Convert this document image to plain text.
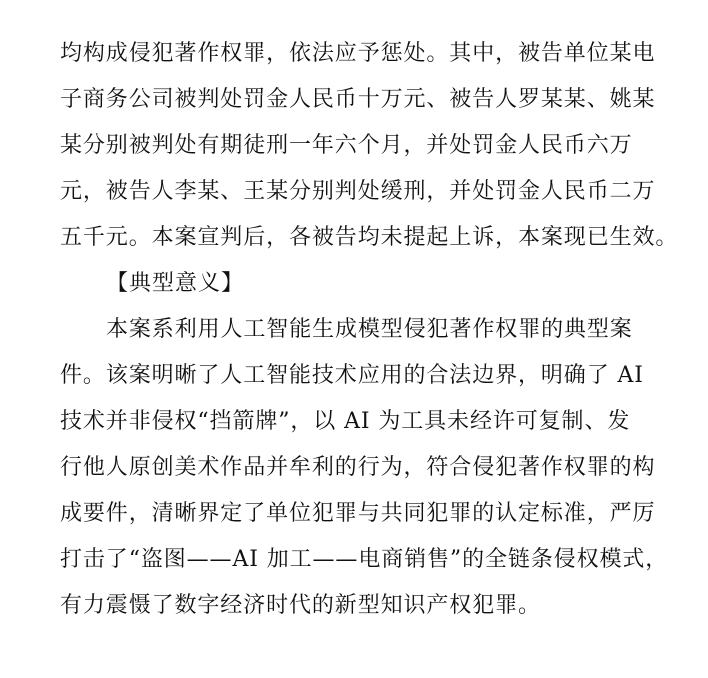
均构成侵犯著作权罪，依法应予惩处。其中，被告单位某电
子商务公司被判处罚金人民币十万元、被告人罗某某、姚某
某分别被判处有期徒刑一年六个月，并处罚金人民币六万
元，被告人李某、王某分别判处缓刑，并处罚金人民币二万
五千元。本案宣判后，各被告均未提起上诉，本案现已生效。
【典型意义】
本案系利用人工智能生成模型侵犯著作权罪的典型案
件。该案明晰了人工智能技术应用的合法边界，明确了 AI
技术并非侵权“挡箭牌”，以 AI 为工具未经许可复制、发
行他人原创美术作品并牟利的行为，符合侵犯著作权罪的构
成要件，清晰界定了单位犯罪与共同犯罪的认定标准，严厉
打击了“盗图——AI 加工——电商销售”的全链条侵权模式，
有力震慑了数字经济时代的新型知识产权犯罪。
